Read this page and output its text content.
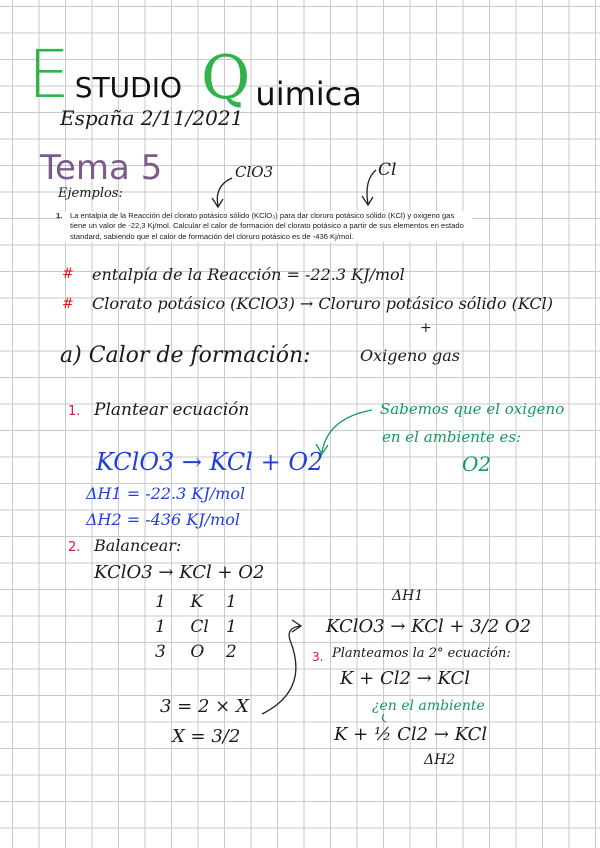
E STUDIO Q uimica
España 2/11/2021
Tema 5
Ejemplos:
ClO3	Cl
1. La entalpía de la Reacción del clorato potásico sólido (KClO₃) para dar cloruro potásico sólido (KCl) y oxigeno gas tiene un valor de -22,3 Kj/mol. Calcular el calor de formación del clorato potásico a partir de sus elementos en estado standard, sabiendo que el calor de formación del cloruro potásico es de -436 Kj/mol.
# entalpía de la Reacción = -22.3 KJ/mol
# Clorato potásico (KClO3) → Cloruro potásico sólido (KCl)
+
Oxigeno gas
a) Calor de formación:
1. Plantear ecuación	Sabemos que el oxigeno
en el ambiente es:
O2
KClO3 → KCl + O2
ΔH1 = -22.3 KJ/mol
ΔH2 = -436 KJ/mol
2. Balancear:
KClO3 → KCl + O2
1 K 1
1 Cl 1
3 O 2
3 = 2 × X
X = 3/2
ΔH1
KClO3 → KCl + 3/2 O2
3. Planteamos la 2° ecuación:
K + Cl2 → KCl
¿en el ambiente
K + ½ Cl2 → KCl
ΔH2
